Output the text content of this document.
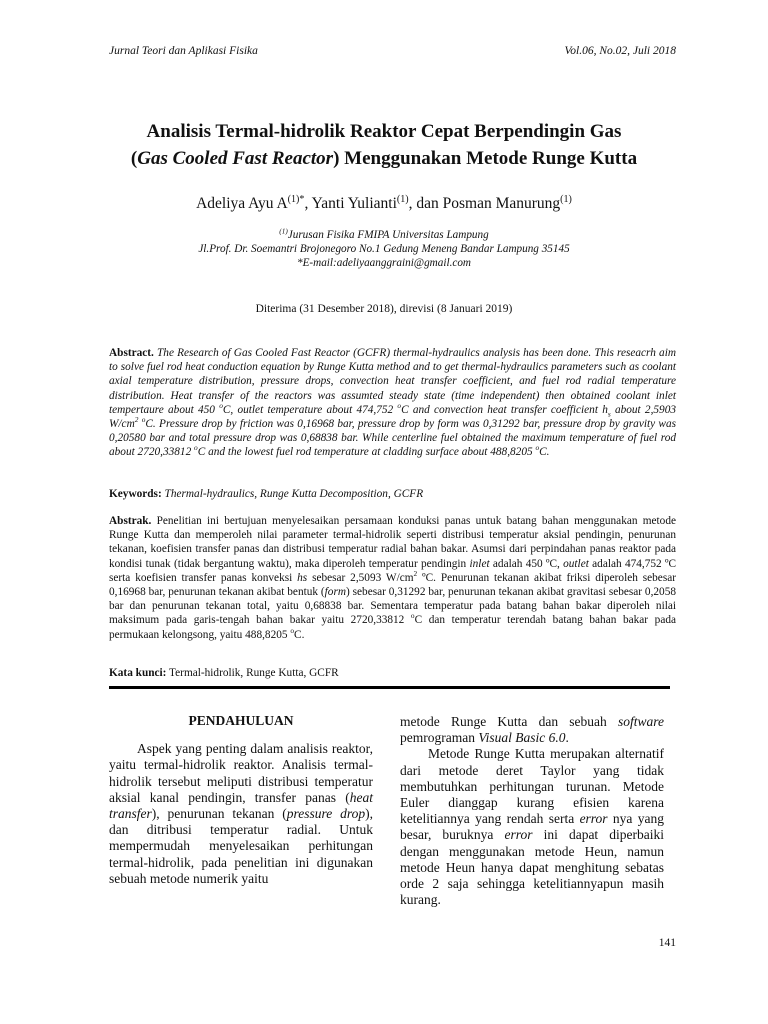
Jurnal Teori dan Aplikasi Fisika	Vol.06, No.02, Juli 2018
Analisis Termal-hidrolik Reaktor Cepat Berpendingin Gas
(Gas Cooled Fast Reactor) Menggunakan Metode Runge Kutta
Adeliya Ayu $A^{(1)*}$, Yanti Yulianti$^{(1)}$, dan Posman Manurung$^{(1)}$
$^{(1)}$Jurusan Fisika FMIPA Universitas Lampung
Jl.Prof. Dr. Soemantri Brojonegoro No.1 Gedung Meneng Bandar Lampung 35145
*E-mail:adeliyaanggraini@gmail.com
Diterima (31 Desember 2018), direvisi (8 Januari 2019)
Abstract. The Research of Gas Cooled Fast Reactor (GCFR) thermal-hydraulics analysis has been done. This reseacrh aim to solve fuel rod heat conduction equation by Runge Kutta method and to get thermal-hydraulics parameters such as coolant axial temperature distribution, pressure drops, convection heat transfer coefficient, and fuel rod radial temperature distribution. Heat transfer of the reactors was assumted steady state (time independent) then obtained coolant inlet tempertaure about 450 $^o$C, outlet temperature about 474,752 $^o$C and convection heat transfer coefficient $h_s$ about 2,5903 $W/cm^2$ $^o$C. Pressure drop by friction was 0,16968 bar, pressure drop by form was 0,31292 bar, pressure drop by gravity was 0,20580 bar and total pressure drop was 0,68838 bar. While centerline fuel obtained the maximum temperature of fuel rod about 2720,33812 $^o$C and the lowest fuel rod temperature at cladding surface about 488,8205 $^o$C.
Keywords: Thermal-hydraulics, Runge Kutta Decomposition, GCFR
Abstrak. Penelitian ini bertujuan menyelesaikan persamaan konduksi panas untuk batang bahan menggunakan metode Runge Kutta dan memperoleh nilai parameter termal-hidrolik seperti distribusi temperatur aksial pendingin, penurunan tekanan, koefisien transfer panas dan distribusi temperatur radial bahan bakar. Asumsi dari perpindahan panas reaktor pada kondisi tunak (tidak bergantung waktu), maka diperoleh temperatur pendingin inlet adalah 450 ºC, outlet adalah 474,752 ºC serta koefisien transfer panas konveksi hs sebesar 2,5093 $W/cm^2$ ºC. Penurunan tekanan akibat friksi diperoleh sebesar 0,16968 bar, penurunan tekanan akibat bentuk (form) sebesar 0,31292 bar, penurunan tekanan akibat gravitasi sebesar 0,2058 bar dan penurunan tekanan total, yaitu 0,68838 bar. Sementara temperatur pada batang bahan bakar diperoleh nilai maksimum pada garis-tengah bahan bakar yaitu 2720,33812 $^o$C dan temperatur terendah batang bahan bakar pada permukaan kelongsong, yaitu 488,8205 $^o$C.
Kata kunci: Termal-hidrolik, Runge Kutta, GCFR
PENDAHULUAN

Aspek yang penting dalam analisis reaktor, yaitu termal-hidrolik reaktor. Analisis termal-hidrolik tersebut meliputi distribusi temperatur aksial kanal pendingin, transfer panas (heat transfer), penurunan tekanan (pressure drop), dan ditribusi temperatur radial. Untuk mempermudah menyelesaikan perhitungan termal-hidrolik, pada penelitian ini digunakan sebuah metode numerik yaitu

metode Runge Kutta dan sebuah software pemrograman Visual Basic 6.0.

Metode Runge Kutta merupakan alternatif dari metode deret Taylor yang tidak membutuhkan perhitungan turunan. Metode Euler dianggap kurang efisien karena ketelitiannya yang rendah serta error nya yang besar, buruknya error ini dapat diperbaiki dengan menggunakan metode Heun, namun metode Heun hanya dapat menghitung sebatas orde 2 saja sehingga ketelitiannyapun masih kurang.

141
